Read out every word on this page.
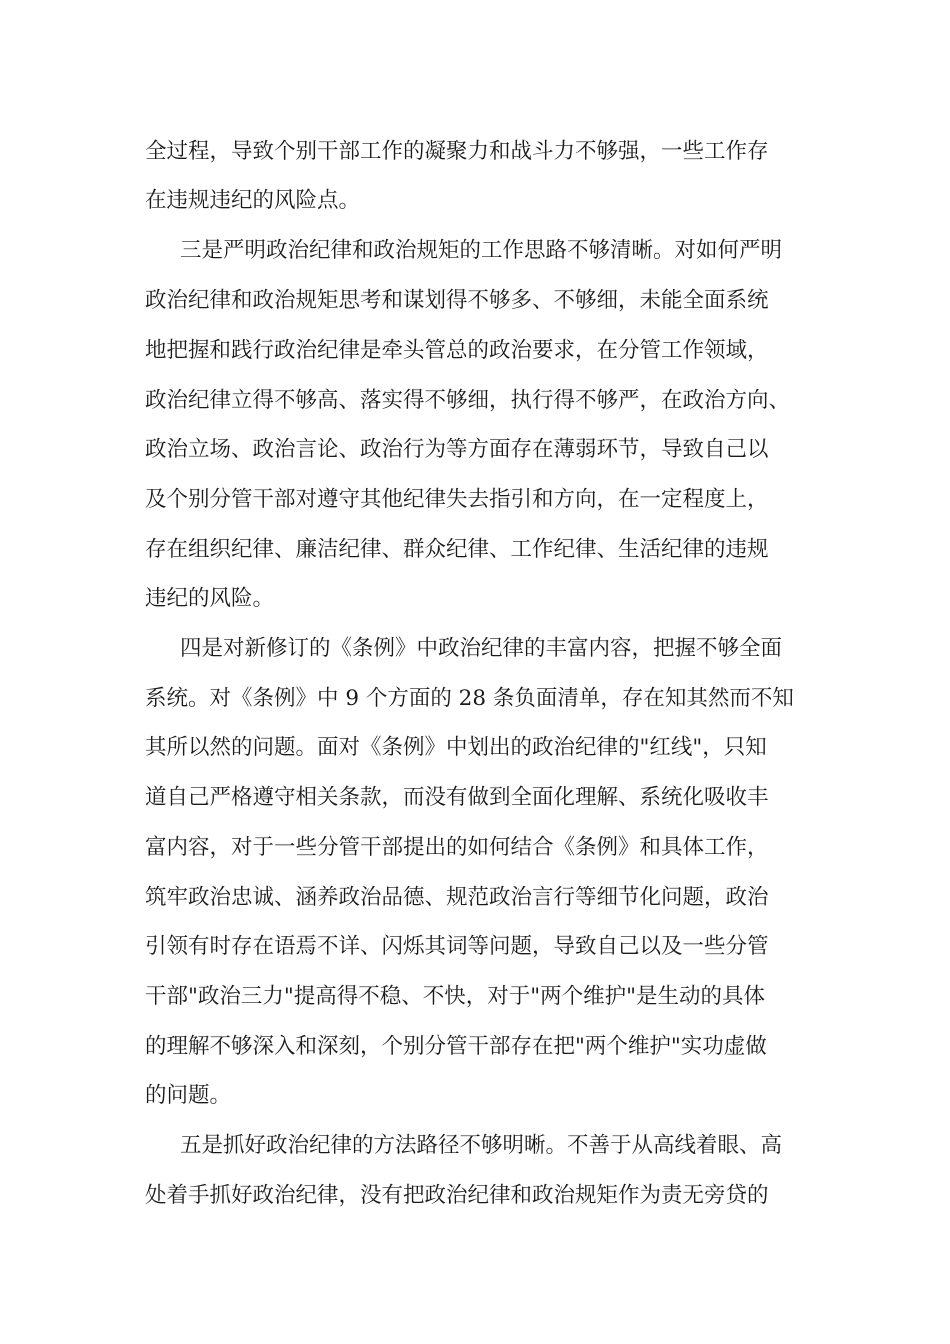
全过程，导致个别干部工作的凝聚力和战斗力不够强，一些工作存

在违规违纪的风险点。

三是严明政治纪律和政治规矩的工作思路不够清晰。对如何严明

政治纪律和政治规矩思考和谋划得不够多、不够细，未能全面系统

地把握和践行政治纪律是牵头管总的政治要求，在分管工作领域，

政治纪律立得不够高、落实得不够细，执行得不够严，在政治方向、

政治立场、政治言论、政治行为等方面存在薄弱环节，导致自己以

及个别分管干部对遵守其他纪律失去指引和方向，在一定程度上，

存在组织纪律、廉洁纪律、群众纪律、工作纪律、生活纪律的违规

违纪的风险。

四是对新修订的《条例》中政治纪律的丰富内容，把握不够全面

系统。对《条例》中 9 个方面的 28 条负面清单，存在知其然而不知

其所以然的问题。面对《条例》中划出的政治纪律的"红线"，只知

道自己严格遵守相关条款，而没有做到全面化理解、系统化吸收丰

富内容，对于一些分管干部提出的如何结合《条例》和具体工作，

筑牢政治忠诚、涵养政治品德、规范政治言行等细节化问题，政治

引领有时存在语焉不详、闪烁其词等问题，导致自己以及一些分管

干部"政治三力"提高得不稳、不快，对于"两个维护"是生动的具体

的理解不够深入和深刻，个别分管干部存在把"两个维护"实功虚做

的问题。

五是抓好政治纪律的方法路径不够明晰。不善于从高线着眼、高

处着手抓好政治纪律，没有把政治纪律和政治规矩作为责无旁贷的
